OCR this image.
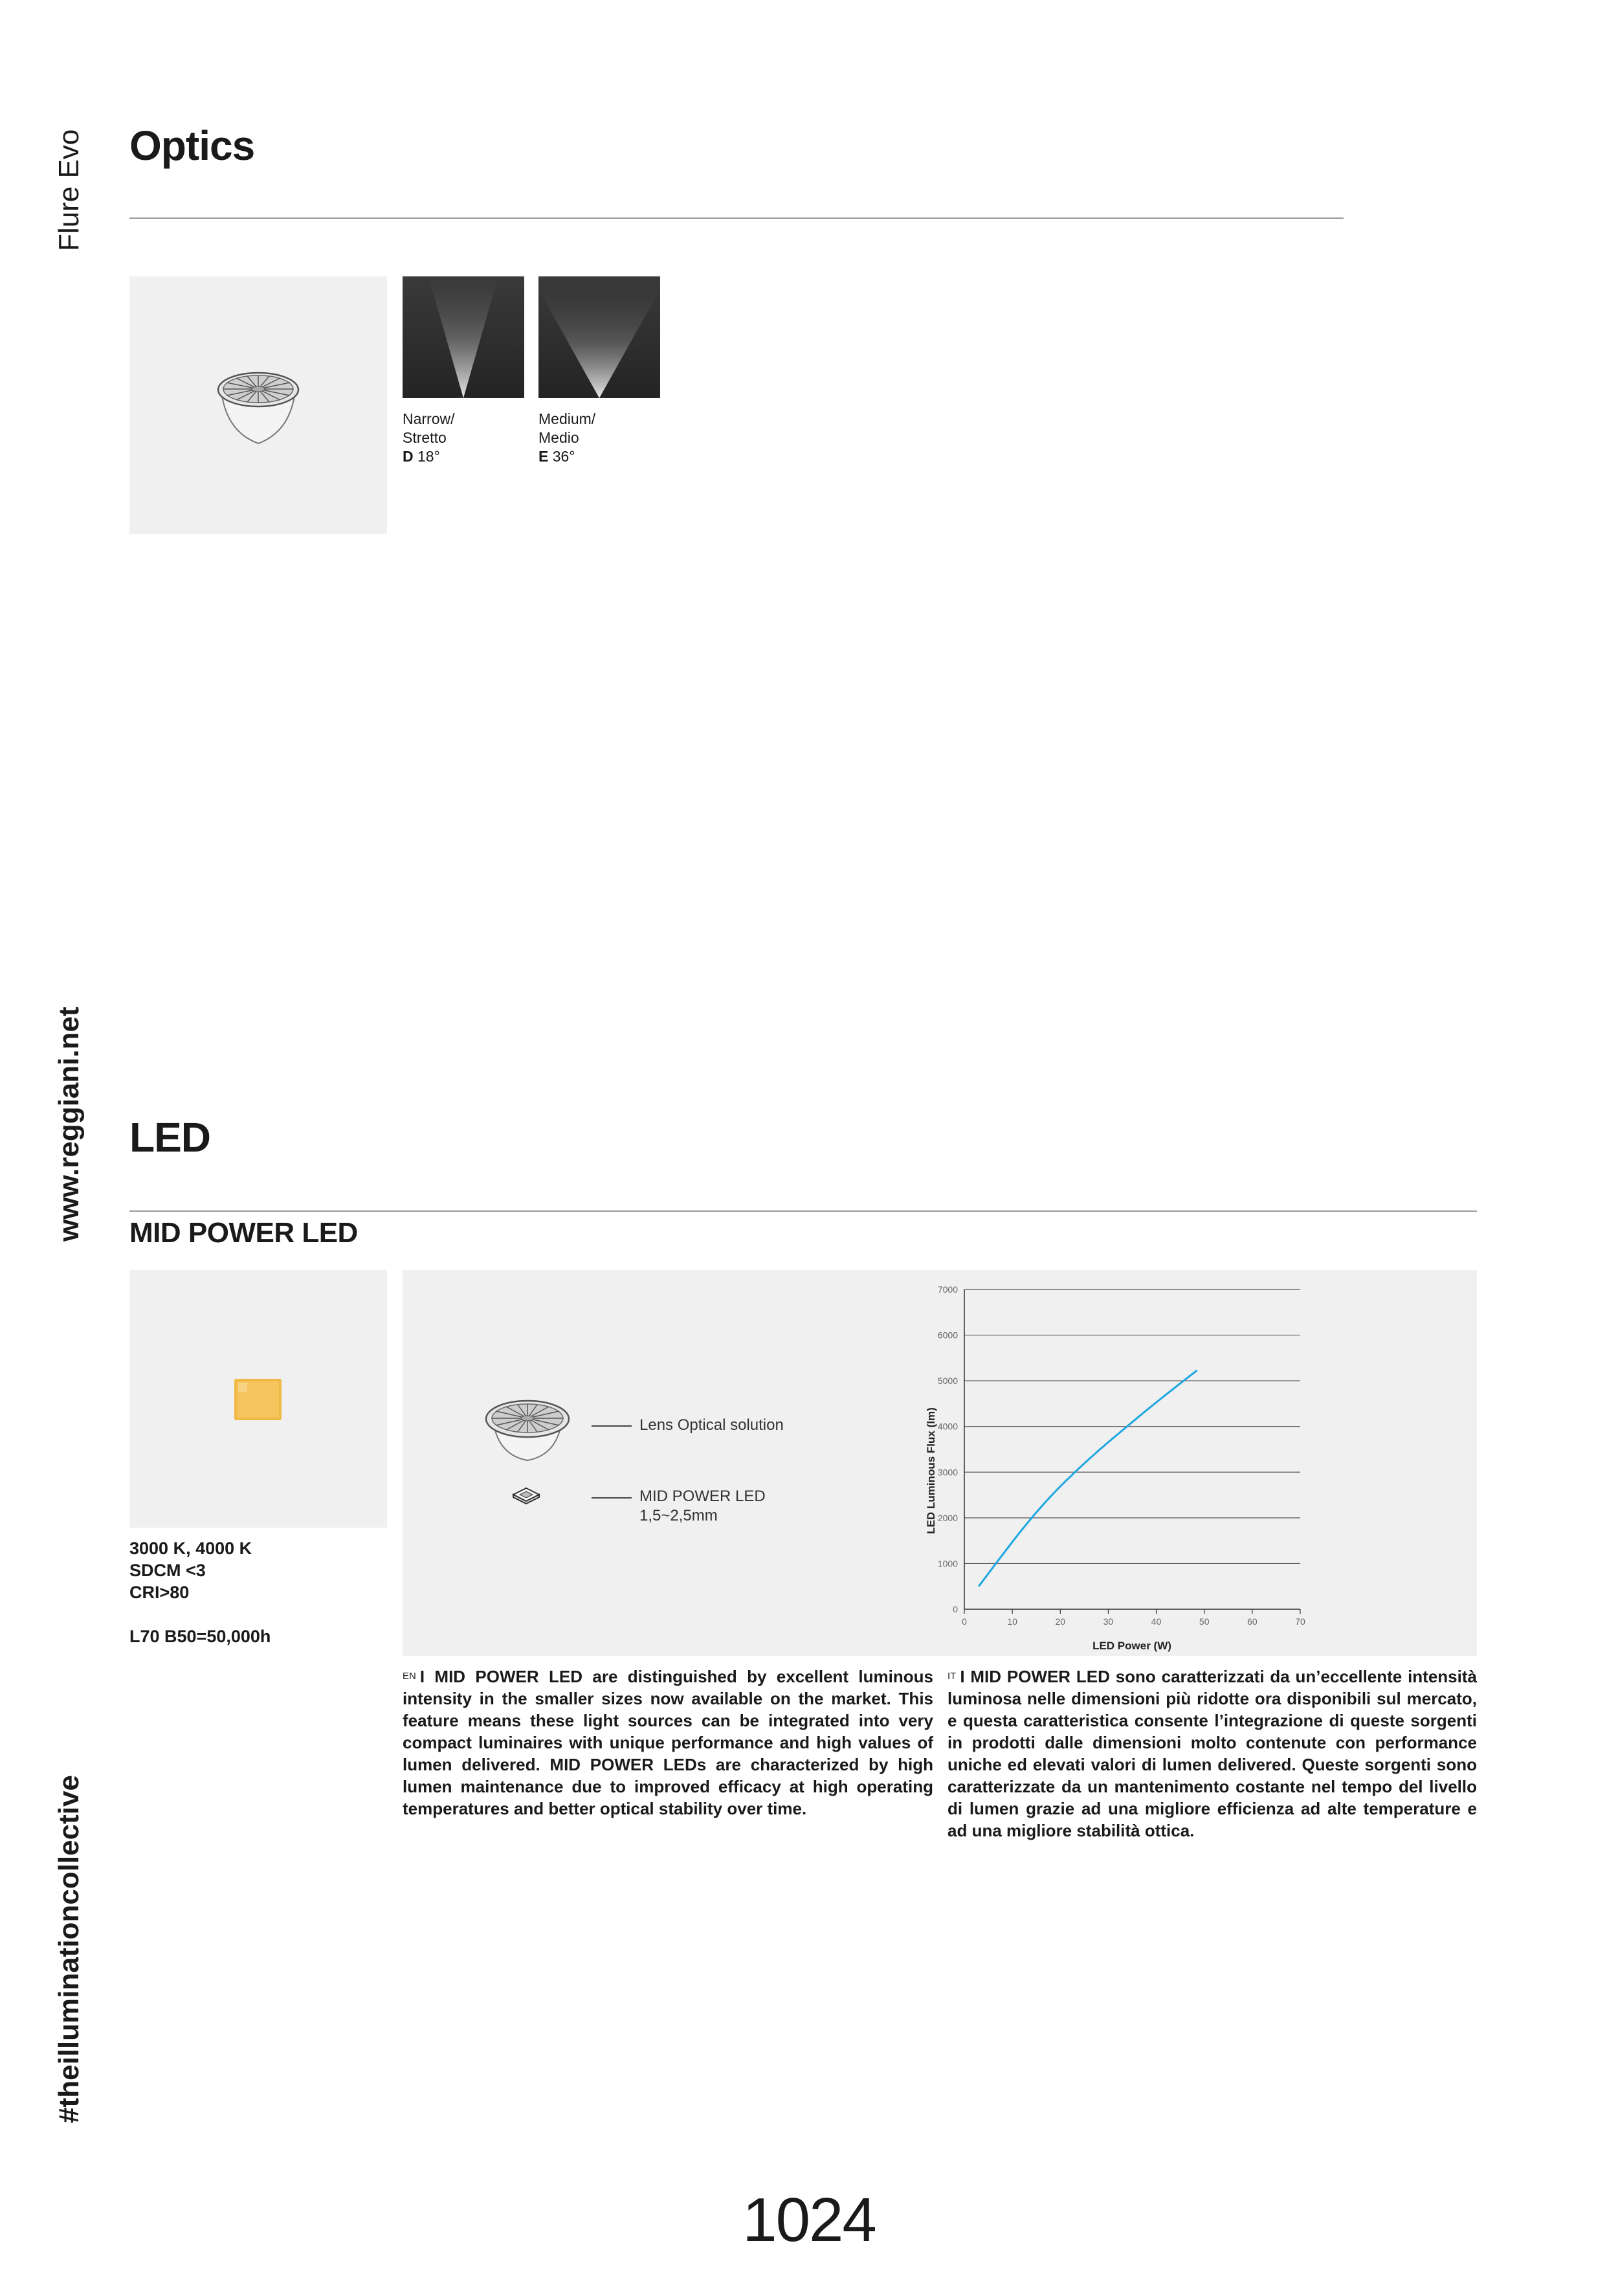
Flure Evo
www.reggiani.net
#theilluminationcollective
Optics
Narrow/
Stretto
D 18°
Medium/
Medio
E 36°
LED
MID POWER LED
3000 K, 4000 K
SDCM <3
CRI>80
L70 B50=50,000h
Lens Optical solution
MID POWER LED
1,5~2,5mm
0
1000
2000
3000
4000
5000
6000
7000
0	10	20	30	40	50	60	70
LED Luminous Flux (lm)
LED Power (W)
$^{EN}$ I MID POWER LED are distinguished by excellent luminous intensity in the smaller sizes now available on the market. This feature means these light sources can be integrated into very compact luminaires with unique performance and high values of lumen delivered. MID POWER LEDs are characterized by high lumen maintenance due to improved efficacy at high operating temperatures and better optical stability over time.
$^{IT}$ I MID POWER LED sono caratterizzati da un’eccellente intensità luminosa nelle dimensioni più ridotte ora disponibili sul mercato, e questa caratteristica consente l’integrazione di queste sorgenti in prodotti dalle dimensioni molto contenute con performance uniche ed elevati valori di lumen delivered. Queste sorgenti sono caratterizzate da un mantenimento costante nel tempo del livello di lumen grazie ad una migliore efficienza ad alte temperature e ad una migliore stabilità ottica.
1024
